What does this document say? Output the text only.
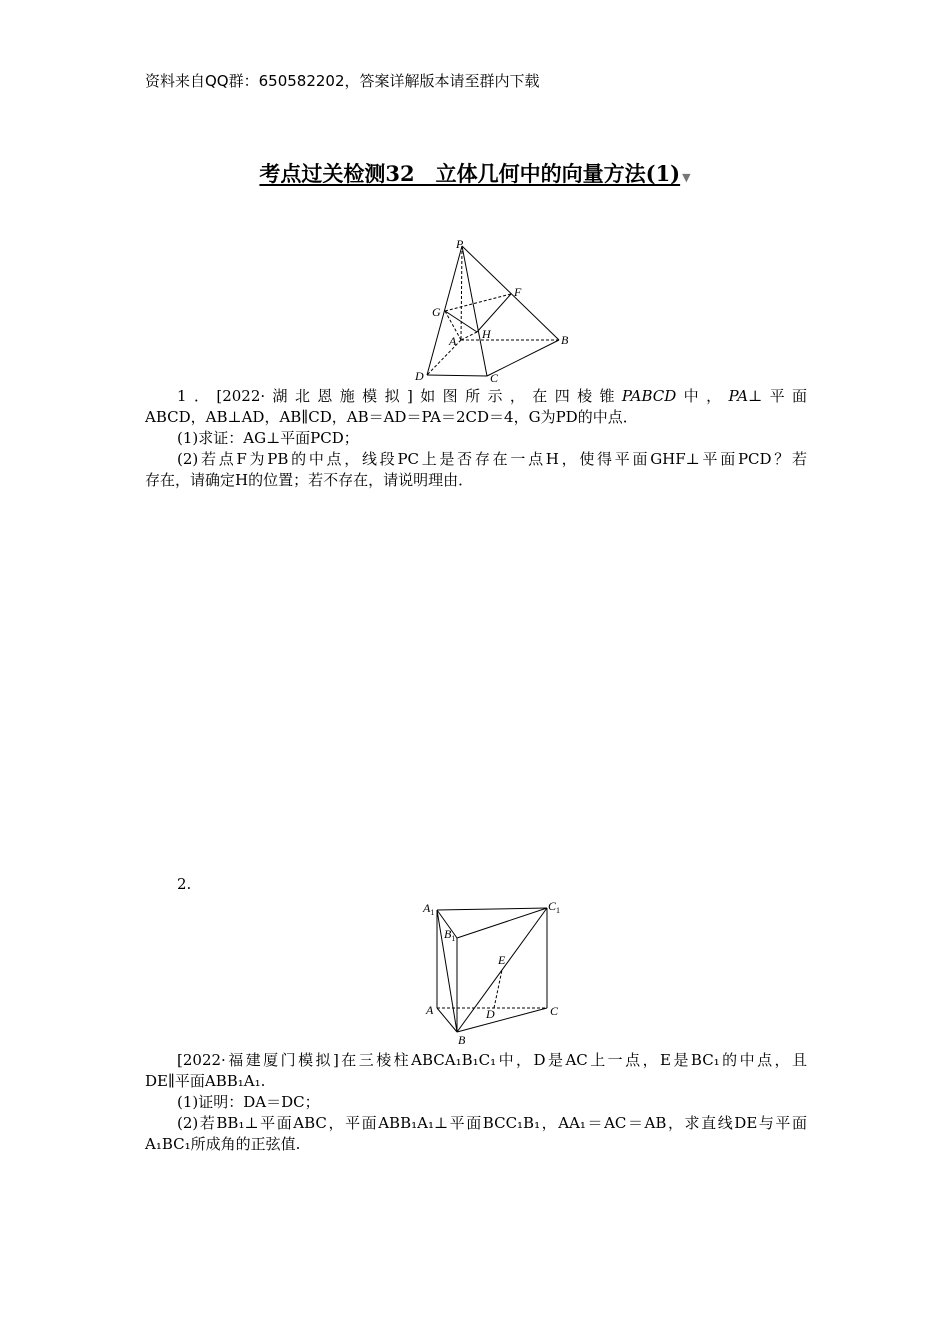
资料来自QQ群：650582202，答案详解版本请至群内下载
考点过关检测32　立体几何中的向量方法(1) ▼
P
F
G
H
A	B
D	C
1．[2022·湖北恩施模拟]如图所示，在四棱锥PABCD中，PA⊥平面
ABCD，AB⊥AD，AB∥CD，AB＝AD＝PA＝2CD＝4，G为PD的中点．
(1)求证：AG⊥平面PCD；
(2)若点F为PB的中点，线段PC上是否存在一点H，使得平面GHF⊥平面PCD？若
存在，请确定H的位置；若不存在，请说明理由．
2.
$A_1$	$C_1$
$B_1$
E
A	D	C
B
[2022·福建厦门模拟]在三棱柱ABCA₁B₁C₁中，D是AC上一点，E是BC₁的中点，且
DE∥平面ABB₁A₁.
(1)证明：DA＝DC；
(2)若BB₁⊥平面ABC，平面ABB₁A₁⊥平面BCC₁B₁，AA₁＝AC＝AB，求直线DE与平面
A₁BC₁所成角的正弦值.
